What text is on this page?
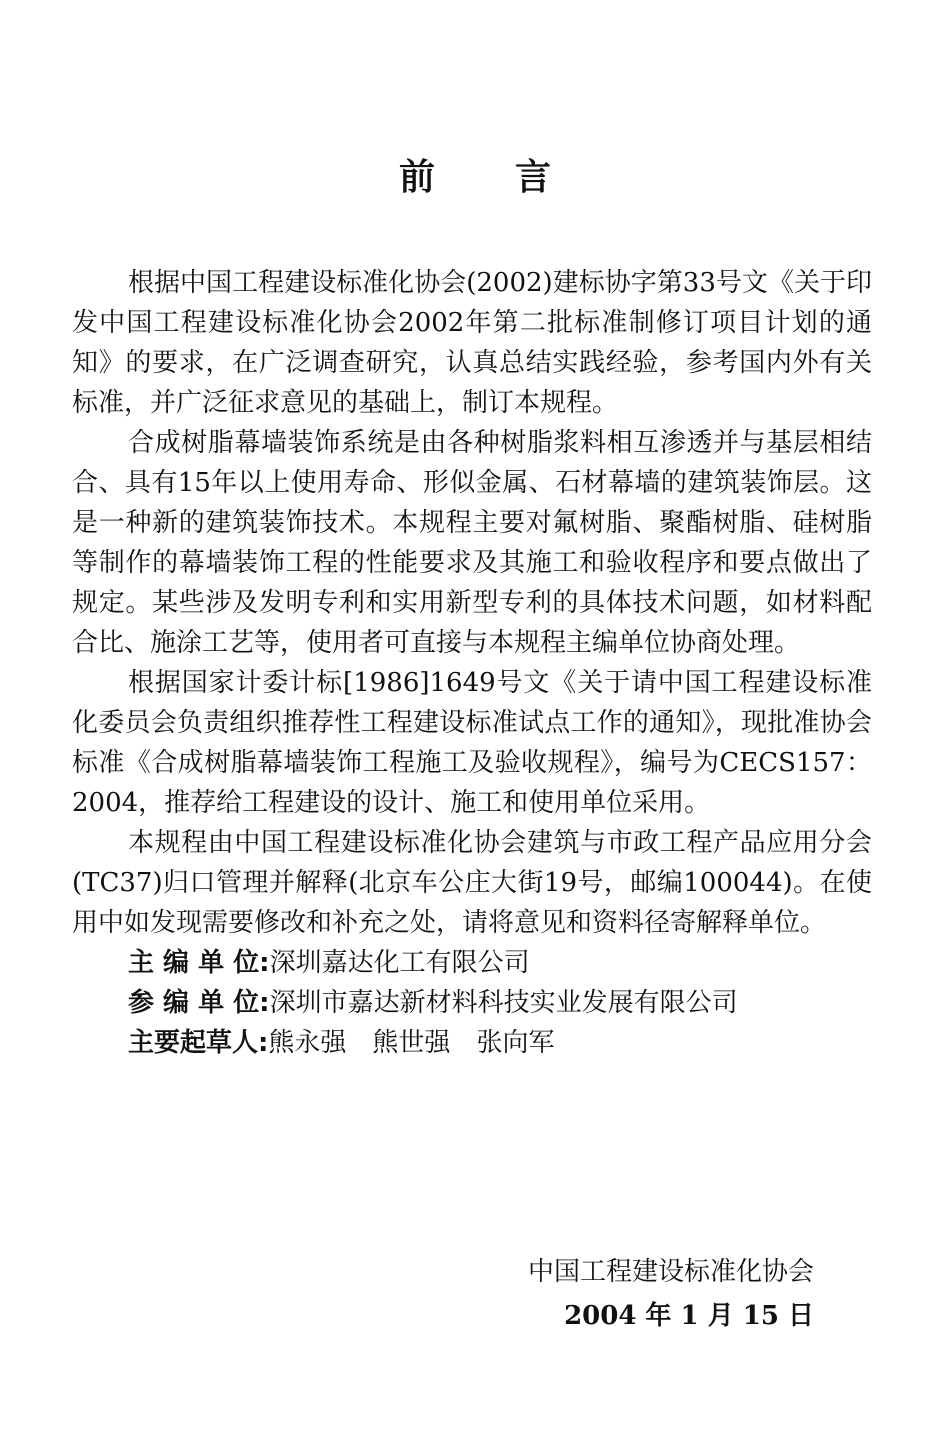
前 言

根据中国工程建设标准化协会(2002)建标协字第33号文《关于印发中国工程建设标准化协会2002年第二批标准制修订项目计划的通知》的要求，在广泛调查研究，认真总结实践经验，参考国内外有关标准，并广泛征求意见的基础上，制订本规程。

合成树脂幕墙装饰系统是由各种树脂浆料相互渗透并与基层相结合、具有15年以上使用寿命、形似金属、石材幕墙的建筑装饰层。这是一种新的建筑装饰技术。本规程主要对氟树脂、聚酯树脂、硅树脂等制作的幕墙装饰工程的性能要求及其施工和验收程序和要点做出了规定。某些涉及发明专利和实用新型专利的具体技术问题，如材料配合比、施涂工艺等，使用者可直接与本规程主编单位协商处理。

根据国家计委计标[1986]1649号文《关于请中国工程建设标准化委员会负责组织推荐性工程建设标准试点工作的通知》，现批准协会标准《合成树脂幕墙装饰工程施工及验收规程》，编号为CECS157：2004，推荐给工程建设的设计、施工和使用单位采用。

本规程由中国工程建设标准化协会建筑与市政工程产品应用分会(TC37)归口管理并解释(北京车公庄大街19号，邮编100044)。在使用中如发现需要修改和补充之处，请将意见和资料径寄解释单位。

主 编 单 位:深圳嘉达化工有限公司

参 编 单 位:深圳市嘉达新材料科技实业发展有限公司

主要起草人:熊永强 熊世强 张向军

中国工程建设标准化协会

2004 年 1 月 15 日
